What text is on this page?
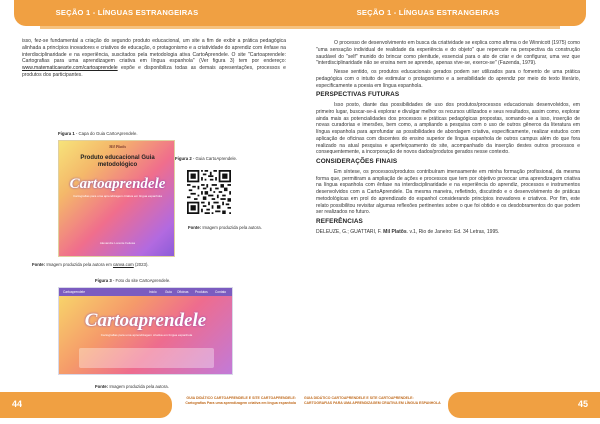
SEÇÃO 1 - LÍNGUAS ESTRANGEIRAS
isso, fez-se fundamental a criação do segundo produto educacional, um site a fim de exibir a prática pedagógica alinhada a princípios inovadores e criativos de educação, o protagonismo e a criatividade do aprendiz com ênfase na interdisciplinaridade e na experiência, suscitados pela metodologia ativa CartoAprendele. O site "Cartoaprendele: Cartografias para uma aprendizagem criativa em língua espanhola" (Ver figura 3) tem por endereço: www.matematicaearte.com/cartoaprendele expõe e disponibiliza todas as demais apresentações, processos e produtos dos participantes.
Figura 1 - Capa do Guia CartoAprendele.
Mil Platôs
Produto educacional Guia metodológico
Cartoaprendele
Cartografias para uma aprendizagem criativa em língua espanhola
Alexandre Lorente Feitosa
Figura 2 - Guia CartoAprendele.
Fonte: Imagem produzida pela autora.
Fonte: Imagem produzida pela autora em canva.com (2023).
Figura 3 - Foto do site CartoAprendele.
Cartoaprendele	Início	Guia Oficinas Produtos Contato
Cartoaprendele
Cartografias para uma aprendizagem criativa em língua espanhola
Fonte: Imagem produzida pela autora.
44
GUIA DIDÁTICO CARTOAPRENDELE E SITE CARTOAPRENDELE:
Cartografias Para uma aprendizagem criativa em língua espanhola
SEÇÃO 1 - LÍNGUAS ESTRANGEIRAS

O processo de desenvolvimento em busca da criatividade se explica como afirma o de Winnicott (1975) como "uma sensação individual de realidade da experiência e do objeto" que repercute na perspectiva da construção saudável do "self" munido do brincar como plenitude, essencial para o ato de criar e de configurar, uma vez que "interdisciplinaridade não se ensina nem se aprende, apenas vive-se, exerce-se" (Fazenda, 1979).

Nesse sentido, os produtos educacionais gerados podem ser utilizados para o fomento de uma prática pedagógica com o intuito de estimular o protagonismo e a sensibilidade do aprendiz por meio do texto literário, especificamente a poesia em língua espanhola.

PERSPECTIVAS FUTURAS

Isso posto, diante das possibilidades de uso dos produtos/processos educacionais desenvolvidos, em primeiro lugar, buscar-se-á explorar e divulgar melhor os recursos utilizados e seus resultados, assim como, explorar ainda mais as potencialidades dos processos e práticas pedagógicas propostas, somando-se a isso, inserção de novas curadorias e imersões, bem como, a ampliando a pesquisa com o uso de outros gêneros da literatura em língua espanhola para aprofundar as possibilidades de abordagem criativa, especificamente, realizar estudos com aplicação de oficinas com discentes do ensino superior de língua espanhola de outros campus além do que fora realizado na atual pesquisa e aperfeiçoamento do site, acompanhado da inserção destes outros processos e consequentemente, a incorporação de novos dados/produtos gerados nesse contexto.

CONSIDERAÇÕES FINAIS

Em síntese, os processos/produtos contribuíram imensamente em minha formação profissional, da mesma forma que, permitiram a ampliação de ações e processos que tem por objetivo provocar uma aprendizagem criativa na língua espanhola com ênfase na interdisciplinaridade e na experiência do aprendiz, processos e instrumentos desenvolvidos com a CartoAprendele. Da mesma maneira, refletindo, discutindo e o desenvolvimento de práticas metodológicas em prol do aprendizado do espanhol considerando princípios inovadores e criativos. Por fim, este relato possibilitou revisitar algumas reflexões pertinentes sobre o que foi obtido e os desdobramentos do que podem ser realizados no futuro.

REFERÊNCIAS

DELEUZE, G.; GUATTARI, F. Mil Platôs. v.1, Rio de Janeiro: Ed. 34 Letras, 1995.

45
GUIA DIDÁTICO CARTOAPRENDELE E SITE CARTOAPRENDELE:
CARTOGRAFIAS PARA UMA APRENDIZAGEM CRIATIVA EM LÍNGUA ESPANHOLA
